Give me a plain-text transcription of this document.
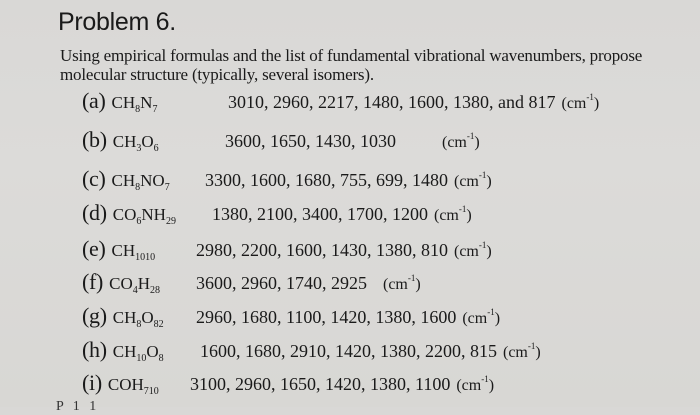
Problem 6.
Using empirical formulas and the list of fundamental vibrational wavenumbers, propose
molecular structure (typically, several isomers).
(a) $CH_8N_7$	3010, 2960, 2217, 1480, 1600, 1380, and 817 $(cm^{-1})$
(b) $CH_3O_6$	3600, 1650, 1430, 1030	$(cm^{-1})$
(c) $CH_8NO_7$ 3300, 1600, 1680, 755, 699, 1480 $(cm^{-1})$
(d) $CO_6NH_{29}$ 1380, 2100, 3400, 1700, 1200 $(cm^{-1})$
(e) $CH_{1010}$ 2980, 2200, 1600, 1430, 1380, 810 $(cm^{-1})$
(f) $CO_4H_{28}$ 3600, 2960, 1740, 2925 $(cm^{-1})$
(g) $CH_8O_{82}$ 2960, 1680, 1100, 1420, 1380, 1600 $(cm^{-1})$
(h) $CH_{10}O_8$ 1600, 1680, 2910, 1420, 1380, 2200, 815 $(cm^{-1})$
(i) $COH_{710}$ 3100, 2960, 1650, 1420, 1380, 1100 $(cm^{-1})$
P 1 1
